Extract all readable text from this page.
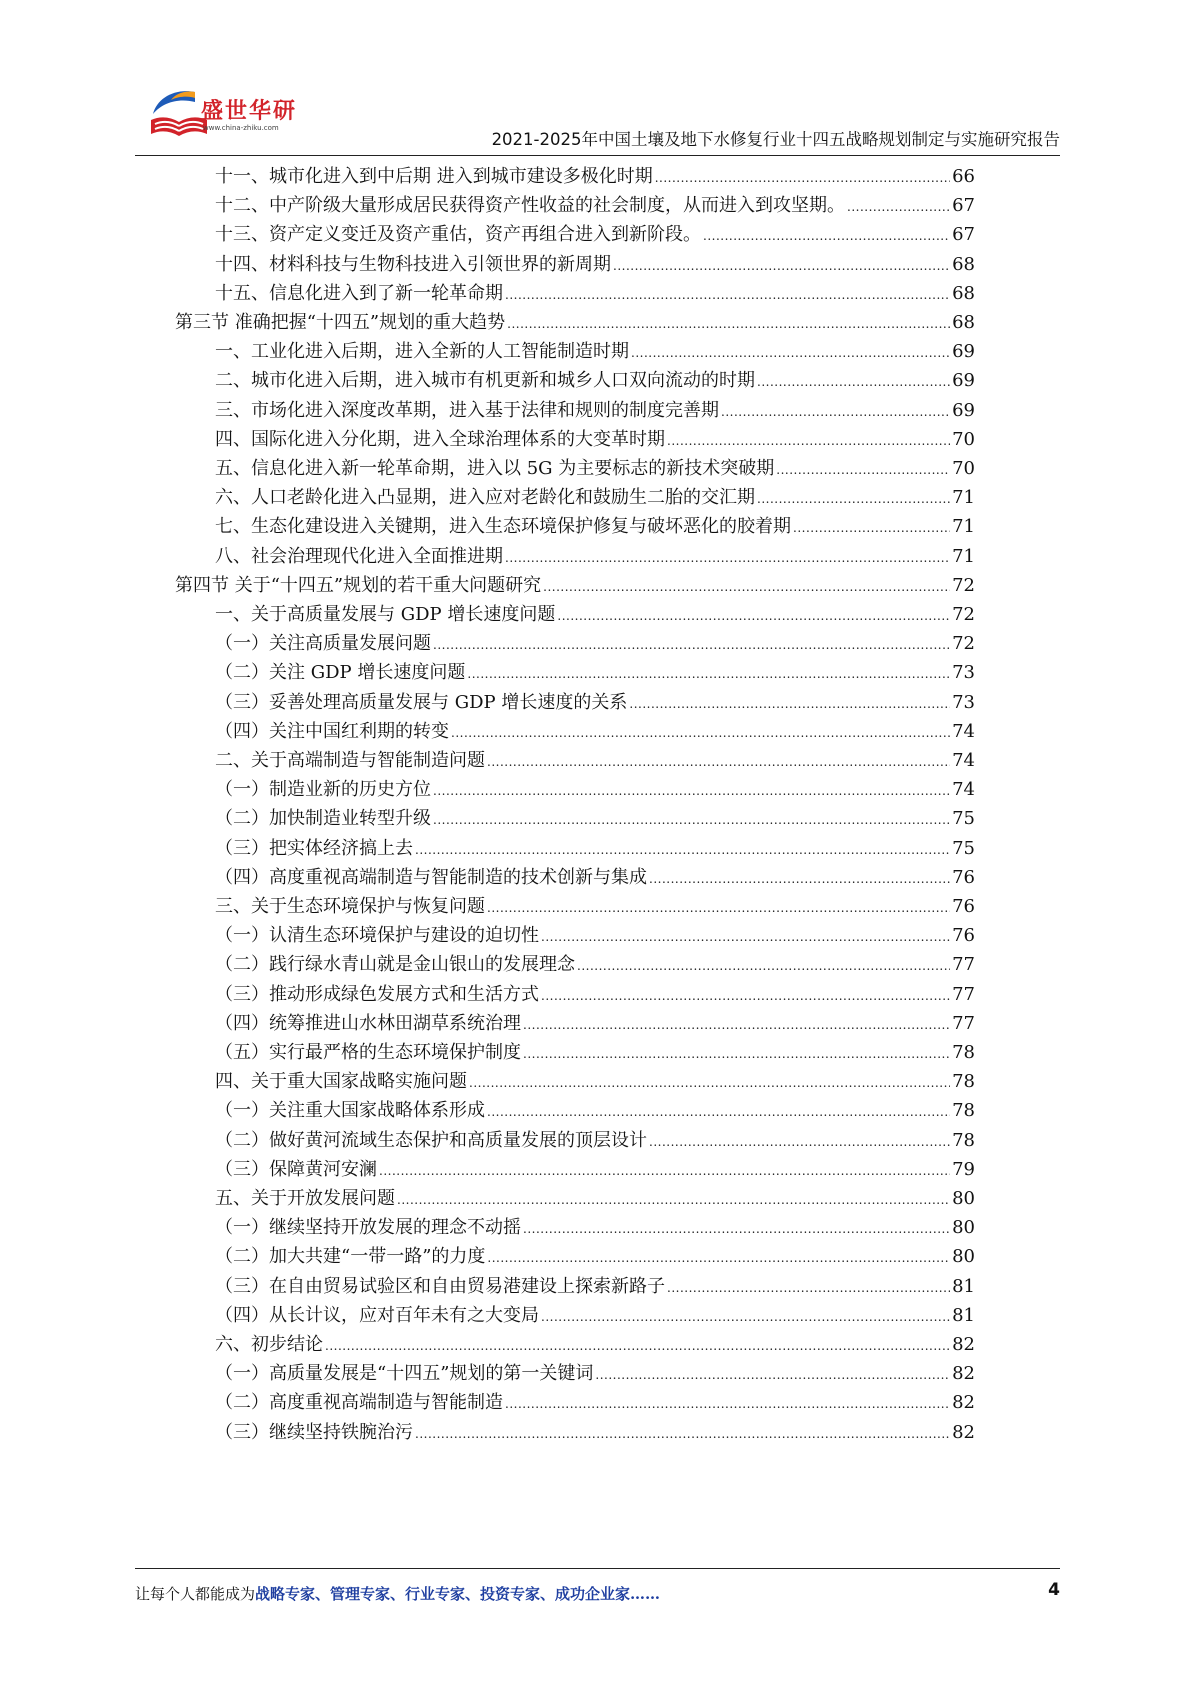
盛世华研
www.china-zhiku.com
2021-2025年中国土壤及地下水修复行业十四五战略规划制定与实施研究报告
十一、城市化进入到中后期 进入到城市建设多极化时期 .....	66
十二、中产阶级大量形成居民获得资产性收益的社会制度，从而进入到攻坚期。 .....	67
十三、资产定义变迁及资产重估，资产再组合进入到新阶段。 .....	67
十四、材料科技与生物科技进入引领世界的新周期 .....	68
十五、信息化进入到了新一轮革命期 .....	68
第三节 准确把握“十四五”规划的重大趋势 .....	68
一、工业化进入后期，进入全新的人工智能制造时期 .....	69
二、城市化进入后期，进入城市有机更新和城乡人口双向流动的时期 .....	69
三、市场化进入深度改革期，进入基于法律和规则的制度完善期 .....	69
四、国际化进入分化期，进入全球治理体系的大变革时期 .....	70
五、信息化进入新一轮革命期，进入以 5G 为主要标志的新技术突破期 .....	70
六、人口老龄化进入凸显期，进入应对老龄化和鼓励生二胎的交汇期 .....	71
七、生态化建设进入关键期，进入生态环境保护修复与破坏恶化的胶着期 .....	71
八、社会治理现代化进入全面推进期 .....	71
第四节 关于“十四五”规划的若干重大问题研究 .....	72
一、关于高质量发展与 GDP 增长速度问题 .....	72
（一）关注高质量发展问题 .....	72
（二）关注 GDP 增长速度问题 .....	73
（三）妥善处理高质量发展与 GDP 增长速度的关系 .....	73
（四）关注中国红利期的转变 .....	74
二、关于高端制造与智能制造问题 .....	74
（一）制造业新的历史方位 .....	74
（二）加快制造业转型升级 .....	75
（三）把实体经济搞上去 .....	75
（四）高度重视高端制造与智能制造的技术创新与集成 .....	76
三、关于生态环境保护与恢复问题 .....	76
（一）认清生态环境保护与建设的迫切性 .....	76
（二）践行绿水青山就是金山银山的发展理念 .....	77
（三）推动形成绿色发展方式和生活方式 .....	77
（四）统筹推进山水林田湖草系统治理 .....	77
（五）实行最严格的生态环境保护制度 .....	78
四、关于重大国家战略实施问题 .....	78
（一）关注重大国家战略体系形成 .....	78
（二）做好黄河流域生态保护和高质量发展的顶层设计 .....	78
（三）保障黄河安澜 .....	79
五、关于开放发展问题 .....	80
（一）继续坚持开放发展的理念不动摇 .....	80
（二）加大共建“一带一路”的力度 .....	80
（三）在自由贸易试验区和自由贸易港建设上探索新路子 .....	81
（四）从长计议，应对百年未有之大变局 .....	81
六、初步结论 .....	82
（一）高质量发展是“十四五”规划的第一关键词 .....	82
（二）高度重视高端制造与智能制造 .....	82
（三）继续坚持铁腕治污 .....	82
让每个人都能成为战略专家、管理专家、行业专家、投资专家、成功企业家……	4
